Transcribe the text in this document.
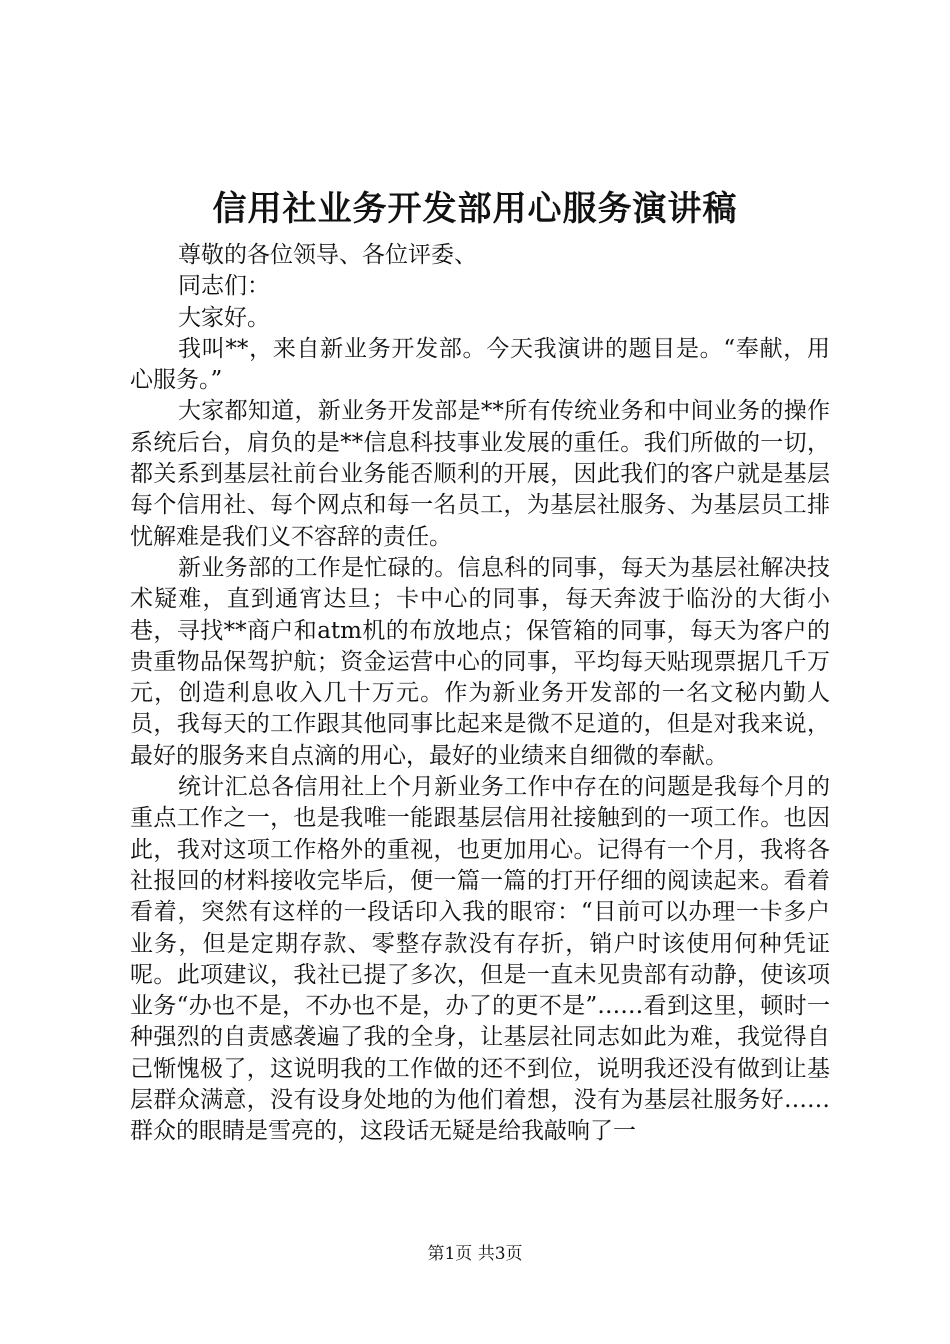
信用社业务开发部用心服务演讲稿

尊敬的各位领导、各位评委、

同志们：

大家好。

我叫**，来自新业务开发部。今天我演讲的题目是。“奉献，用心服务。”

大家都知道，新业务开发部是**所有传统业务和中间业务的操作系统后台，肩负的是**信息科技事业发展的重任。我们所做的一切，都关系到基层社前台业务能否顺利的开展，因此我们的客户就是基层每个信用社、每个网点和每一名员工，为基层社服务、为基层员工排忧解难是我们义不容辞的责任。

新业务部的工作是忙碌的。信息科的同事，每天为基层社解决技术疑难，直到通宵达旦；卡中心的同事，每天奔波于临汾的大街小巷，寻找**商户和atm机的布放地点；保管箱的同事，每天为客户的贵重物品保驾护航；资金运营中心的同事，平均每天贴现票据几千万元，创造利息收入几十万元。作为新业务开发部的一名文秘内勤人员，我每天的工作跟其他同事比起来是微不足道的，但是对我来说，最好的服务来自点滴的用心，最好的业绩来自细微的奉献。

统计汇总各信用社上个月新业务工作中存在的问题是我每个月的重点工作之一，也是我唯一能跟基层信用社接触到的一项工作。也因此，我对这项工作格外的重视，也更加用心。记得有一个月，我将各社报回的材料接收完毕后，便一篇一篇的打开仔细的阅读起来。看着看着，突然有这样的一段话印入我的眼帘：“目前可以办理一卡多户业务，但是定期存款、零整存款没有存折，销户时该使用何种凭证呢。此项建议，我社已提了多次，但是一直未见贵部有动静，使该项业务“办也不是，不办也不是，办了的更不是”……看到这里，顿时一种强烈的自责感袭遍了我的全身，让基层社同志如此为难，我觉得自己惭愧极了，这说明我的工作做的还不到位，说明我还没有做到让基层群众满意，没有设身处地的为他们着想，没有为基层社服务好……群众的眼睛是雪亮的，这段话无疑是给我敲响了一

第1页 共3页
